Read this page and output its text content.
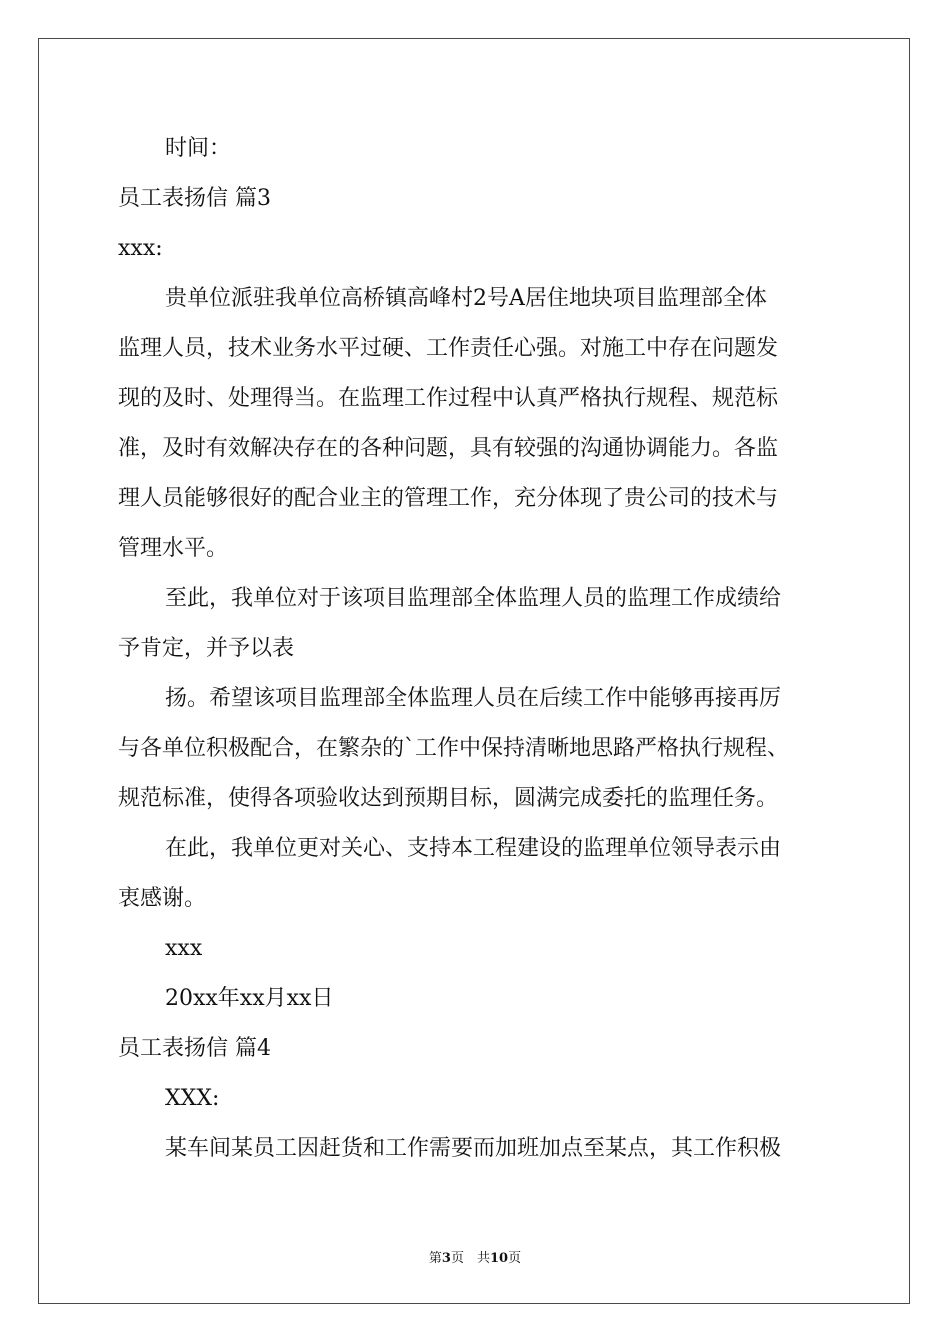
时间：
员工表扬信 篇3
xxx:
贵单位派驻我单位高桥镇高峰村2号A居住地块项目监理部全体
监理人员，技术业务水平过硬、工作责任心强。对施工中存在问题发
现的及时、处理得当。在监理工作过程中认真严格执行规程、规范标
准，及时有效解决存在的各种问题，具有较强的沟通协调能力。各监
理人员能够很好的配合业主的管理工作，充分体现了贵公司的技术与
管理水平。
至此，我单位对于该项目监理部全体监理人员的监理工作成绩给
予肯定，并予以表
扬。希望该项目监理部全体监理人员在后续工作中能够再接再厉
与各单位积极配合，在繁杂的`工作中保持清晰地思路严格执行规程、
规范标准，使得各项验收达到预期目标，圆满完成委托的监理任务。
在此，我单位更对关心、支持本工程建设的监理单位领导表示由
衷感谢。
xxx
20xx年xx月xx日
员工表扬信 篇4
XXX:
某车间某员工因赶货和工作需要而加班加点至某点，其工作积极
第3页　共10页
